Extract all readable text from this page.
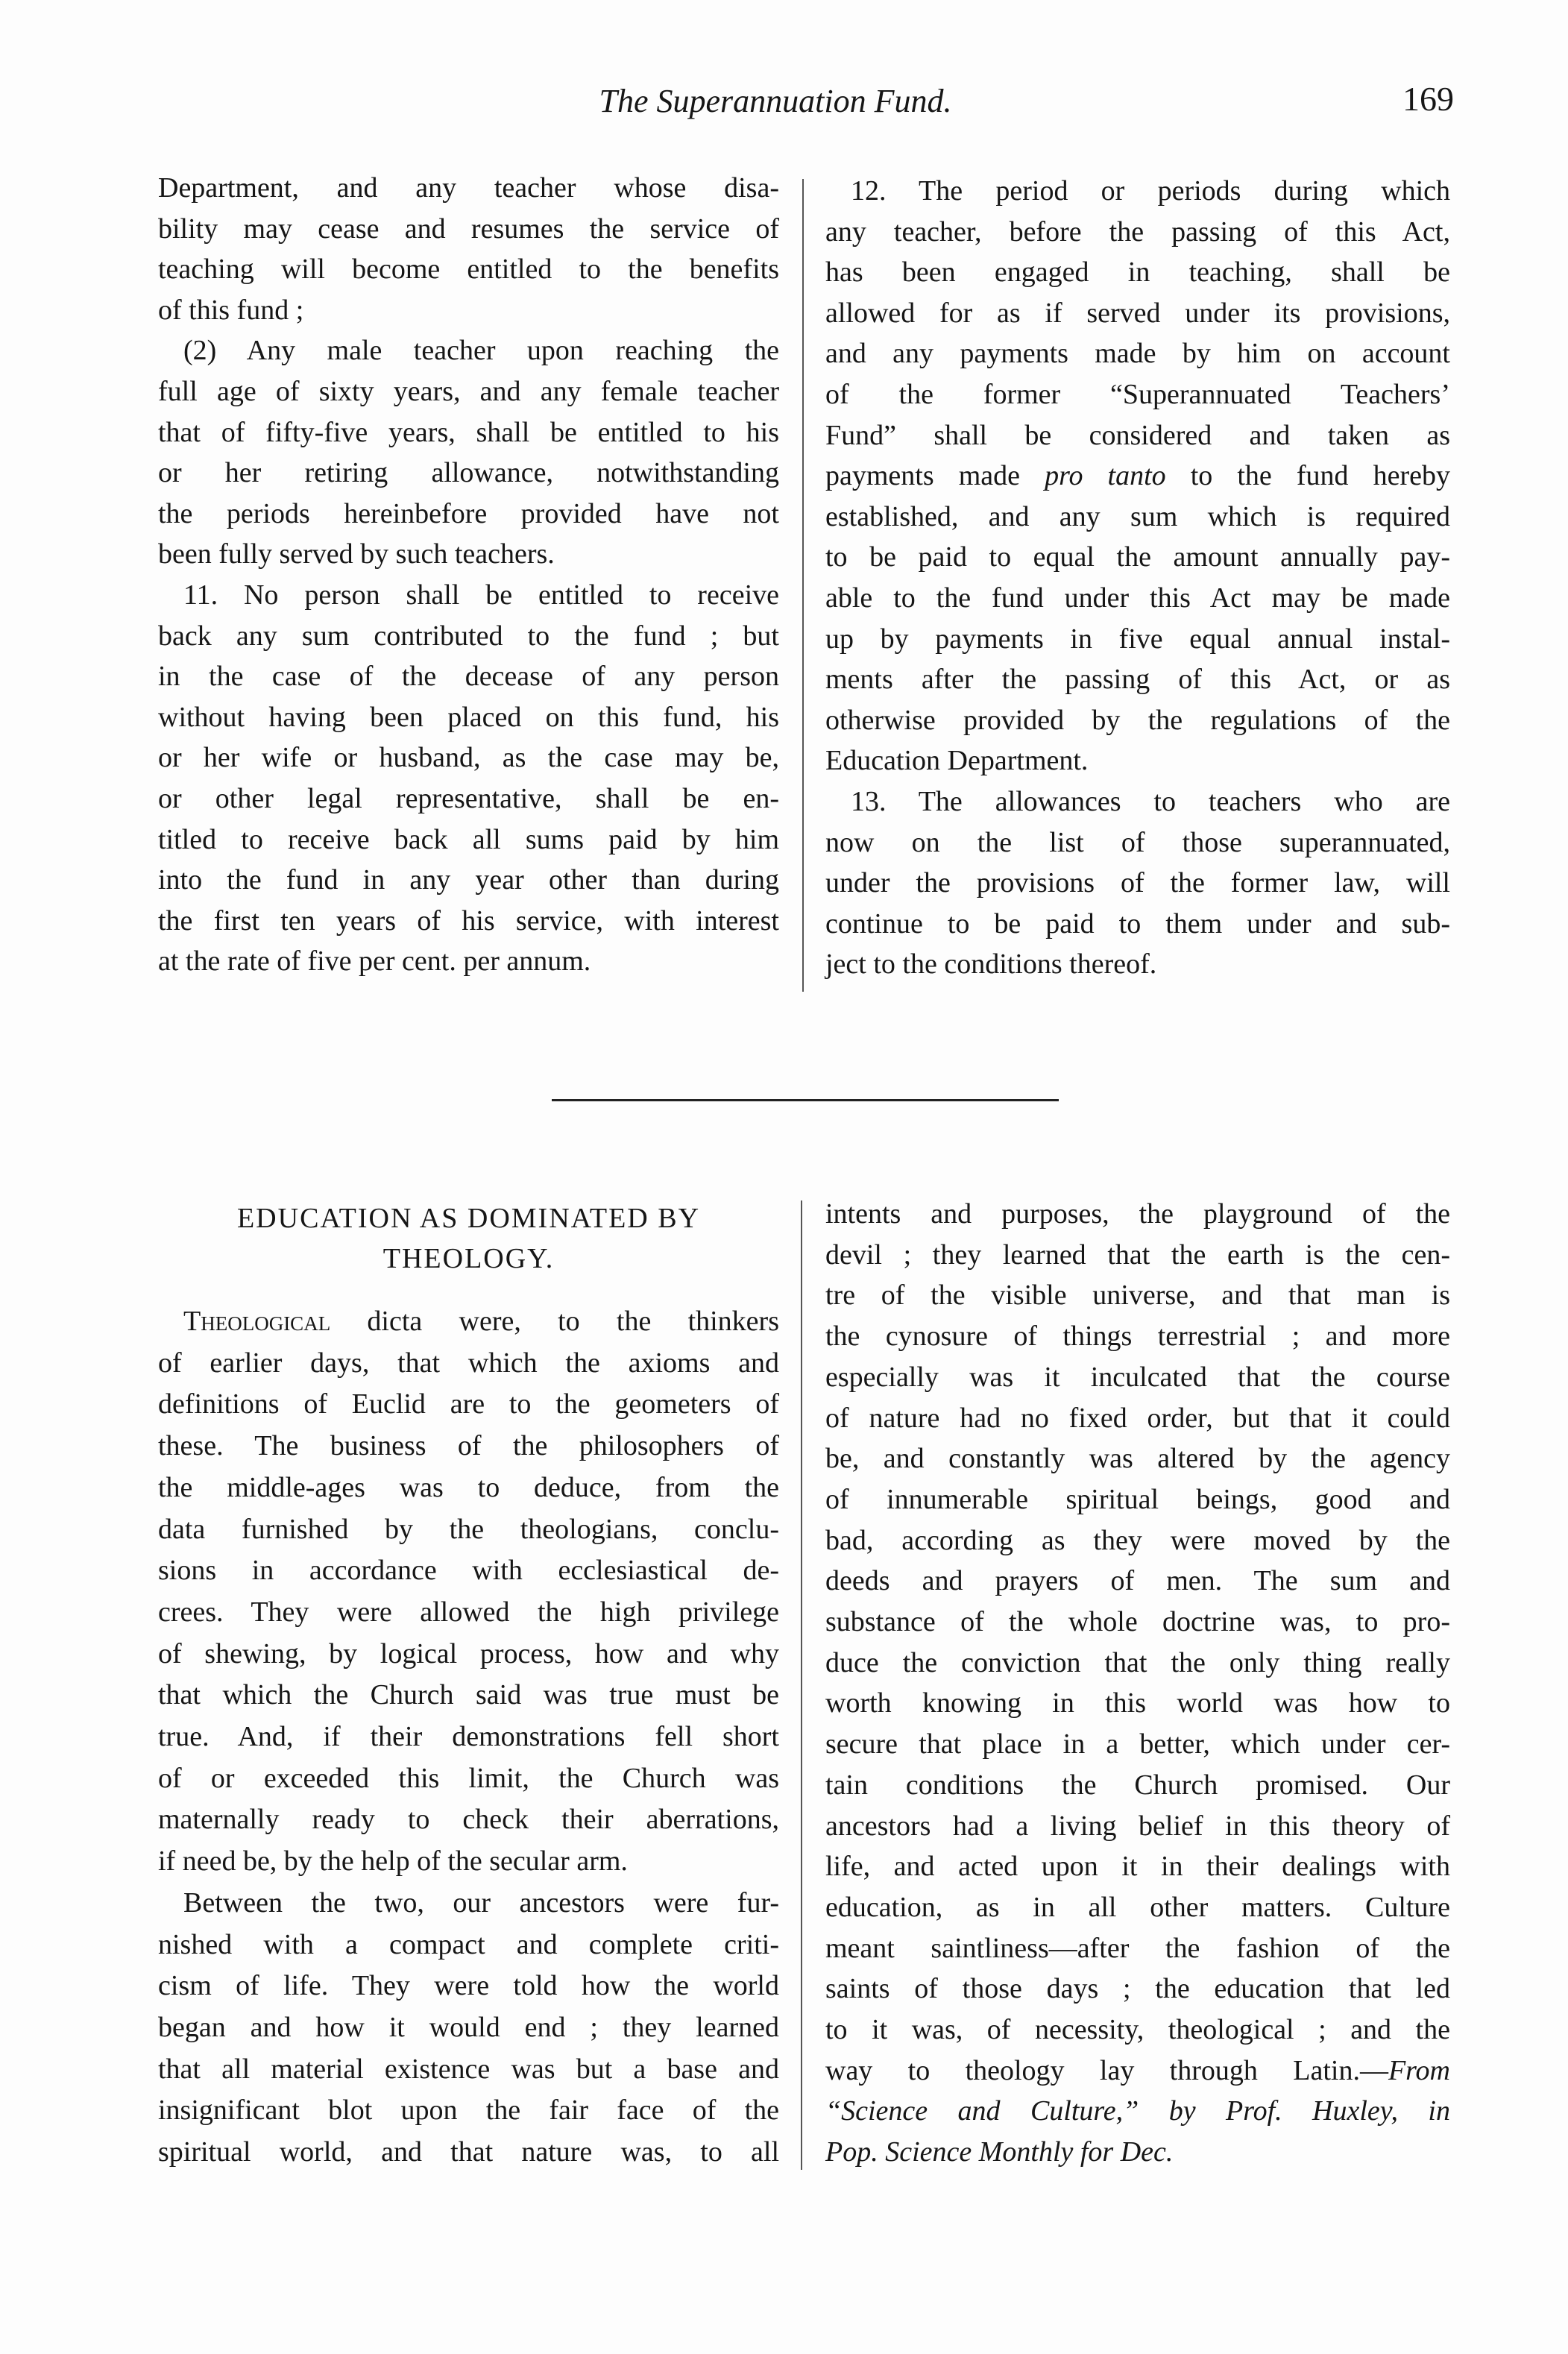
The Superannuation Fund.	169
EDUCATION AS DOMINATED BY
THEOLOGY.
Department, and any teacher whose disa-
bility may cease and resumes the service of
teaching will become entitled to the benefits
of this fund ;
(2) Any male teacher upon reaching the
full age of sixty years, and any female teacher
that of fifty-five years, shall be entitled to his
or her retiring allowance, notwithstanding
the periods hereinbefore provided have not
been fully served by such teachers.
11. No person shall be entitled to receive
back any sum contributed to the fund ; but
in the case of the decease of any person
without having been placed on this fund, his
or her wife or husband, as the case may be,
or other legal representative, shall be en-
titled to receive back all sums paid by him
into the fund in any year other than during
the first ten years of his service, with interest
at the rate of five per cent. per annum.
12. The period or periods during which
any teacher, before the passing of this Act,
has been engaged in teaching, shall be
allowed for as if served under its provisions,
and any payments made by him on account
of the former “Superannuated Teachers’
Fund” shall be considered and taken as
payments made pro tanto to the fund hereby
established, and any sum which is required
to be paid to equal the amount annually pay-
able to the fund under this Act may be made
up by payments in five equal annual instal-
ments after the passing of this Act, or as
otherwise provided by the regulations of the
Education Department.
13. The allowances to teachers who are
now on the list of those superannuated,
under the provisions of the former law, will
continue to be paid to them under and sub-
ject to the conditions thereof.
Theological dicta were, to the thinkers
of earlier days, that which the axioms and
definitions of Euclid are to the geometers of
these. The business of the philosophers of
the middle-ages was to deduce, from the
data furnished by the theologians, conclu-
sions in accordance with ecclesiastical de-
crees. They were allowed the high privilege
of shewing, by logical process, how and why
that which the Church said was true must be
true. And, if their demonstrations fell short
of or exceeded this limit, the Church was
maternally ready to check their aberrations,
if need be, by the help of the secular arm.
Between the two, our ancestors were fur-
nished with a compact and complete criti-
cism of life. They were told how the world
began and how it would end ; they learned
that all material existence was but a base and
insignificant blot upon the fair face of the
spiritual world, and that nature was, to all
intents and purposes, the playground of the
devil ; they learned that the earth is the cen-
tre of the visible universe, and that man is
the cynosure of things terrestrial ; and more
especially was it inculcated that the course
of nature had no fixed order, but that it could
be, and constantly was altered by the agency
of innumerable spiritual beings, good and
bad, according as they were moved by the
deeds and prayers of men. The sum and
substance of the whole doctrine was, to pro-
duce the conviction that the only thing really
worth knowing in this world was how to
secure that place in a better, which under cer-
tain conditions the Church promised. Our
ancestors had a living belief in this theory of
life, and acted upon it in their dealings with
education, as in all other matters. Culture
meant saintliness—after the fashion of the
saints of those days ; the education that led
to it was, of necessity, theological ; and the
way to theology lay through Latin.—From
“Science and Culture,” by Prof. Huxley, in
Pop. Science Monthly for Dec.
